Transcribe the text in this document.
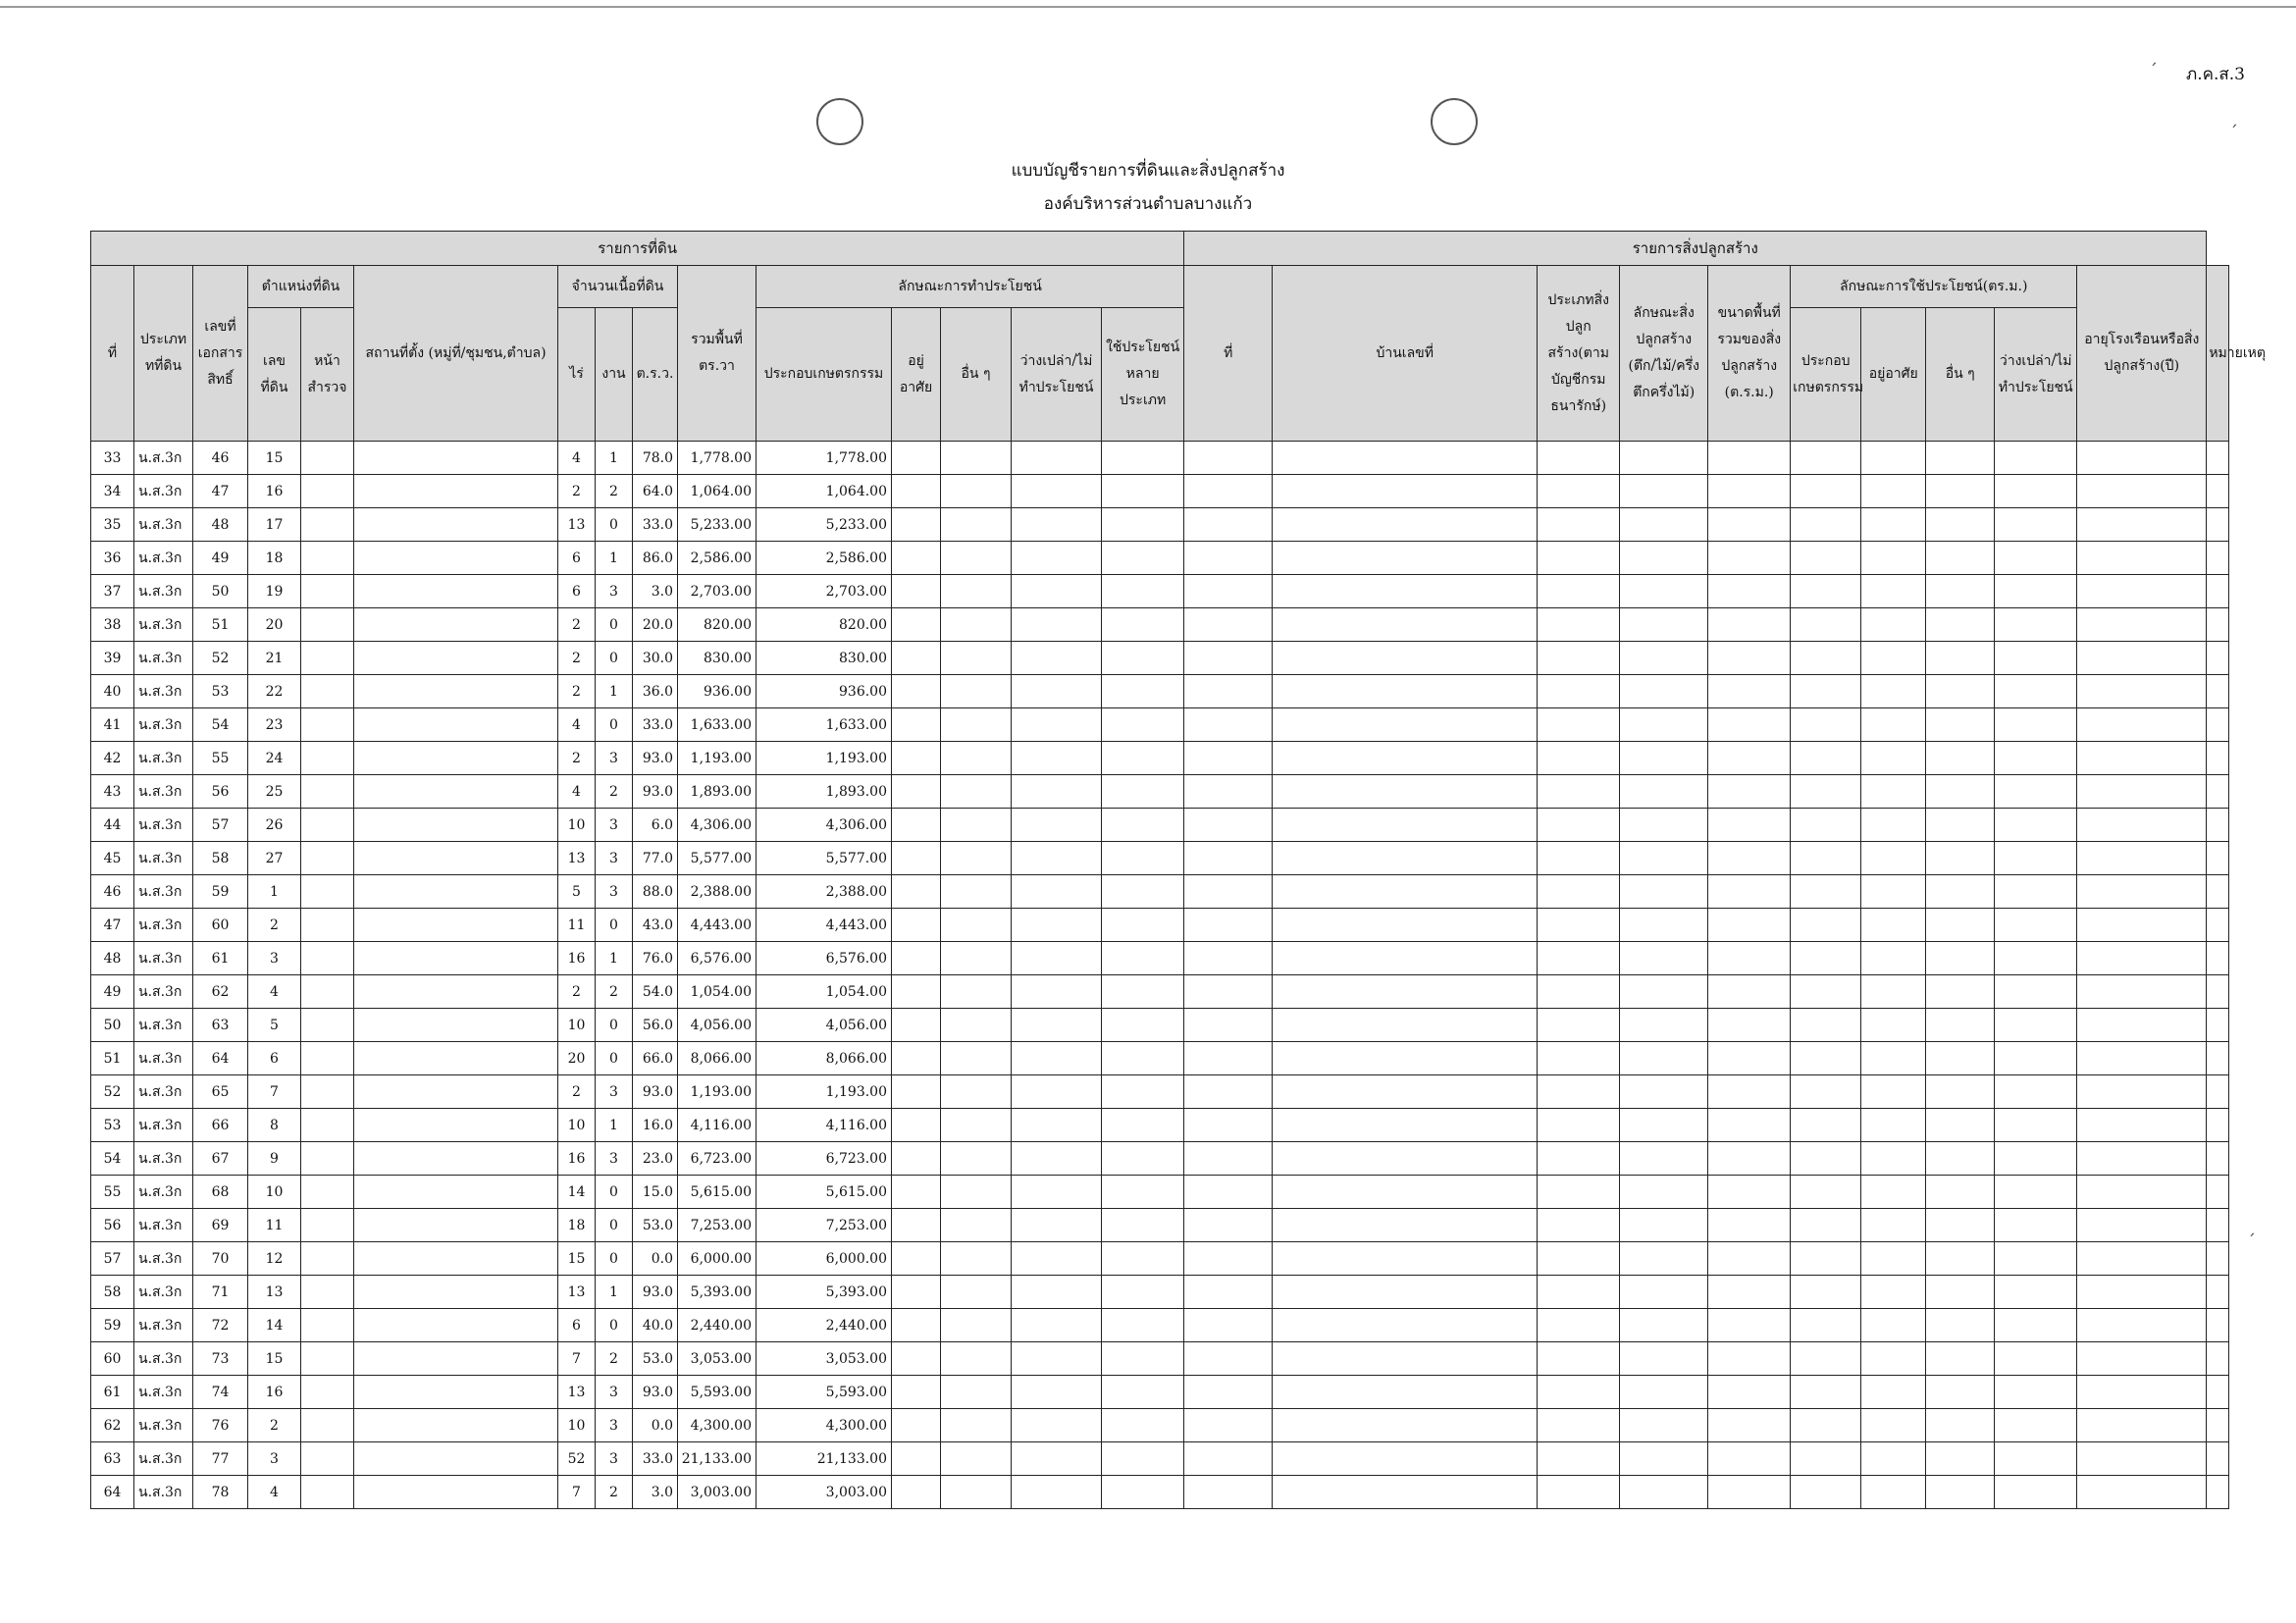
ภ.ค.ส.3
´
´
´
แบบบัญชีรายการที่ดินและสิ่งปลูกสร้าง
องค์บริหารส่วนตำบลบางแก้ว
รายการที่ดิน															รายการสิ่งปลูกสร้าง										
ที่	ประเภททที่ดิน	เลขที่เอกสารสิทธิ์	ตำแหน่งที่ดิน		สถานที่ตั้ง (หมู่ที่/ชุมชน,ตำบล)	จำนวนเนื้อที่ดิน			รวมพื้นที่ ตร.วา	ลักษณะการทำประโยชน์					ที่	บ้านเลขที่	ประเภทสิ่งปลูกสร้าง(ตามบัญชีกรมธนารักษ์)	ลักษณะสิ่งปลูกสร้าง (ตึก/ไม้/ครึ่งตึกครึ่งไม้)	ขนาดพื้นที่รวมของสิ่งปลูกสร้าง (ต.ร.ม.)	ลักษณะการใช้ประโยชน์(ตร.ม.)				อายุโรงเรือนหรือสิ่งปลูกสร้าง(ปี)	หมายเหตุ
			เลขที่ดิน	หน้าสำรวจ		ไร่	งาน	ต.ร.ว.		ประกอบเกษตรกรรม	อยู่อาศัย	อื่น ๆ	ว่างเปล่า/ไม่ทำประโยชน์	ใช้ประโยชน์หลายประเภท						ประกอบเกษตรกรรม	อยู่อาศัย	อื่น ๆ	ว่างเปล่า/ไม่ทำประโยชน์		
33	น.ส.3ก	46	15			4	1	78.0	1,778.00	1,778.00															
34	น.ส.3ก	47	16			2	2	64.0	1,064.00	1,064.00															
35	น.ส.3ก	48	17			13	0	33.0	5,233.00	5,233.00															
36	น.ส.3ก	49	18			6	1	86.0	2,586.00	2,586.00															
37	น.ส.3ก	50	19			6	3	3.0	2,703.00	2,703.00															
38	น.ส.3ก	51	20			2	0	20.0	820.00	820.00															
39	น.ส.3ก	52	21			2	0	30.0	830.00	830.00															
40	น.ส.3ก	53	22			2	1	36.0	936.00	936.00															
41	น.ส.3ก	54	23			4	0	33.0	1,633.00	1,633.00															
42	น.ส.3ก	55	24			2	3	93.0	1,193.00	1,193.00															
43	น.ส.3ก	56	25			4	2	93.0	1,893.00	1,893.00															
44	น.ส.3ก	57	26			10	3	6.0	4,306.00	4,306.00															
45	น.ส.3ก	58	27			13	3	77.0	5,577.00	5,577.00															
46	น.ส.3ก	59	1			5	3	88.0	2,388.00	2,388.00															
47	น.ส.3ก	60	2			11	0	43.0	4,443.00	4,443.00															
48	น.ส.3ก	61	3			16	1	76.0	6,576.00	6,576.00															
49	น.ส.3ก	62	4			2	2	54.0	1,054.00	1,054.00															
50	น.ส.3ก	63	5			10	0	56.0	4,056.00	4,056.00															
51	น.ส.3ก	64	6			20	0	66.0	8,066.00	8,066.00															
52	น.ส.3ก	65	7			2	3	93.0	1,193.00	1,193.00															
53	น.ส.3ก	66	8			10	1	16.0	4,116.00	4,116.00															
54	น.ส.3ก	67	9			16	3	23.0	6,723.00	6,723.00															
55	น.ส.3ก	68	10			14	0	15.0	5,615.00	5,615.00															
56	น.ส.3ก	69	11			18	0	53.0	7,253.00	7,253.00															
57	น.ส.3ก	70	12			15	0	0.0	6,000.00	6,000.00															
58	น.ส.3ก	71	13			13	1	93.0	5,393.00	5,393.00															
59	น.ส.3ก	72	14			6	0	40.0	2,440.00	2,440.00															
60	น.ส.3ก	73	15			7	2	53.0	3,053.00	3,053.00															
61	น.ส.3ก	74	16			13	3	93.0	5,593.00	5,593.00															
62	น.ส.3ก	76	2			10	3	0.0	4,300.00	4,300.00															
63	น.ส.3ก	77	3			52	3	33.0	21,133.00	21,133.00															
64	น.ส.3ก	78	4			7	2	3.0	3,003.00	3,003.00															
